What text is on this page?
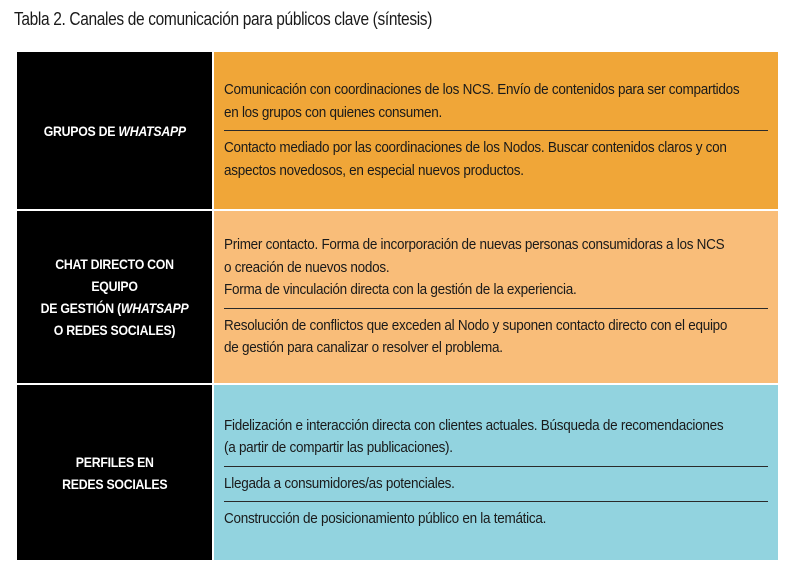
Tabla 2. Canales de comunicación para públicos clave (síntesis)
GRUPOS DE WHATSAPP
Comunicación con coordinaciones de los NCS. Envío de contenidos para ser compartidos
en los grupos con quienes consumen.
Contacto mediado por las coordinaciones de los Nodos. Buscar contenidos claros y con
aspectos novedosos, en especial nuevos productos.
CHAT DIRECTO CON EQUIPO
DE GESTIÓN (WHATSAPP
O REDES SOCIALES)
Primer contacto. Forma de incorporación de nuevas personas consumidoras a los NCS
o creación de nuevos nodos.
Forma de vinculación directa con la gestión de la experiencia.
Resolución de conflictos que exceden al Nodo y suponen contacto directo con el equipo
de gestión para canalizar o resolver el problema.
PERFILES EN
REDES SOCIALES
Fidelización e interacción directa con clientes actuales. Búsqueda de recomendaciones
(a partir de compartir las publicaciones).
Llegada a consumidores/as potenciales.
Construcción de posicionamiento público en la temática.
